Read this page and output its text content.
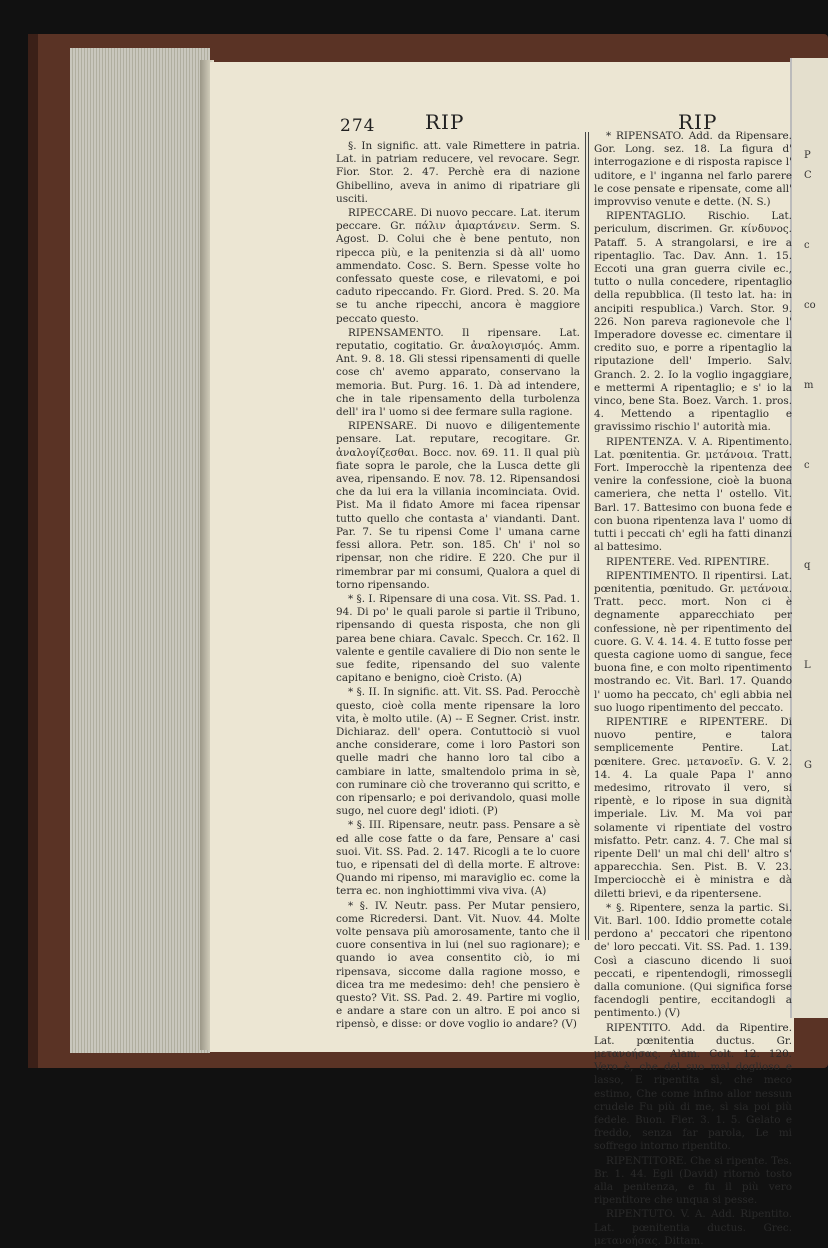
P
C
c
co
m
c
q
L
G
274 RIP	RIP

§. In signific. att. vale Rimettere in patria. Lat. in patriam reducere, vel revocare. Segr. Fior. Stor. 2. 47. Perchè era di nazione Ghibellino, aveva in animo di ripatriare gli usciti.

RIPECCARE. Di nuovo peccare. Lat. iterum peccare. Gr. πάλιν ἁμαρτάνειν. Serm. S. Agost. D. Colui che è bene pentuto, non ripecca più, e la penitenzia si dà all' uomo ammendato. Cosc. S. Bern. Spesse volte ho confessato queste cose, e rilevatomi, e poi caduto ripeccando. Fr. Giord. Pred. S. 20. Ma se tu anche ripecchi, ancora è maggiore peccato questo.

RIPENSAMENTO. Il ripensare. Lat. reputatio, cogitatio. Gr. ἀναλογισμός. Amm. Ant. 9. 8. 18. Gli stessi ripensamenti di quelle cose ch' avemo apparato, conservano la memoria. But. Purg. 16. 1. Dà ad intendere, che in tale ripensamento della turbolenza dell' ira l' uomo si dee fermare sulla ragione.

RIPENSARE. Di nuovo e diligentemente pensare. Lat. reputare, recogitare. Gr. ἀναλογίζεσθαι. Bocc. nov. 69. 11. Il qual più fiate sopra le parole, che la Lusca dette gli avea, ripensando. E nov. 78. 12. Ripensandosi che da lui era la villania incominciata. Ovid. Pist. Ma il fidato Amore mi facea ripensar tutto quello che contasta a' viandanti. Dant. Par. 7. Se tu ripensi Come l' umana carne fessi allora. Petr. son. 185. Ch' i' nol so ripensar, non che ridire. E 220. Che pur il rimembrar par mi consumi, Qualora a quel di torno ripensando.

* §. I. Ripensare di una cosa. Vit. SS. Pad. 1. 94. Di po' le quali parole si partie il Tribuno, ripensando di questa risposta, che non gli parea bene chiara. Cavalc. Specch. Cr. 162. Il valente e gentile cavaliere di Dio non sente le sue fedite, ripensando del suo valente capitano e benigno, cioè Cristo. (A)

* §. II. In signific. att. Vit. SS. Pad. Perocchè questo, cioè colla mente ripensare la loro vita, è molto utile. (A) -- E Segner. Crist. instr. Dichiaraz. dell' opera. Contuttociò si vuol anche considerare, come i loro Pastori son quelle madri che hanno loro tal cibo a cambiare in latte, smaltendolo prima in sè, con ruminare ciò che troveranno qui scritto, e con ripensarlo; e poi derivandolo, quasi molle sugo, nel cuore degl' idioti. (P)

* §. III. Ripensare, neutr. pass. Pensare a sè ed alle cose fatte o da fare, Pensare a' casi suoi. Vit. SS. Pad. 2. 147. Ricogli a te lo cuore tuo, e ripensati del dì della morte. E altrove: Quando mi ripenso, mi maraviglio ec. come la terra ec. non inghiottimmi viva viva. (A)

* §. IV. Neutr. pass. Per Mutar pensiero, come Ricredersi. Dant. Vit. Nuov. 44. Molte volte pensava più amorosamente, tanto che il cuore consentiva in lui (nel suo ragionare); e quando io avea consentito ciò, io mi ripensava, siccome dalla ragione mosso, e dicea tra me medesimo: deh! che pensiero è questo? Vit. SS. Pad. 2. 49. Partire mi voglio, e andare a stare con un altro. E poi anco si ripensò, e disse: or dove voglio io andare? (V)

* RIPENSATO. Add. da Ripensare. Gor. Long. sez. 18. La figura d' interrogazione e di risposta rapisce l' uditore, e l' inganna nel farlo parere le cose pensate e ripensate, come all' improvviso venute e dette. (N. S.)

RIPENTAGLIO. Rischio. Lat. periculum, discrimen. Gr. κίνδυνος. Pataff. 5. A strangolarsi, e ire a ripentaglio. Tac. Dav. Ann. 1. 15. Eccoti una gran guerra civile ec., tutto o nulla concedere, ripentaglio della repubblica. (Il testo lat. ha: in ancipiti respublica.) Varch. Stor. 9. 226. Non pareva ragionevole che l' Imperadore dovesse ec. cimentare il credito suo, e porre a ripentaglio la riputazione dell' Imperio. Salv. Granch. 2. 2. Io la voglio ingaggiare, e mettermi A ripentaglio; e s' io la vinco, bene Sta. Boez. Varch. 1. pros. 4. Mettendo a ripentaglio e gravissimo rischio l' autorità mia.

RIPENTENZA. V. A. Ripentimento. Lat. pœnitentia. Gr. μετάνοια. Tratt. Fort. Imperocchè la ripentenza dee venire la confessione, cioè la buona cameriera, che netta l' ostello. Vit. Barl. 17. Battesimo con buona fede e con buona ripentenza lava l' uomo di tutti i peccati ch' egli ha fatti dinanzi al battesimo.

RIPENTERE. Ved. RIPENTIRE.

RIPENTIMENTO. Il ripentirsi. Lat. pœnitentia, pœnitudo. Gr. μετάνοια. Tratt. pecc. mort. Non ci è degnamente apparecchiato per confessione, nè per ripentimento del cuore. G. V. 4. 14. 4. E tutto fosse per questa cagione uomo di sangue, fece buona fine, e con molto ripentimento mostrando ec. Vit. Barl. 17. Quando l' uomo ha peccato, ch' egli abbia nel suo luogo ripentimento del peccato.

RIPENTIRE e RIPENTERE. Di nuovo pentire, e talora semplicemente Pentire. Lat. pœnitere. Grec. μετανοεῖν. G. V. 2. 14. 4. La quale Papa l' anno medesimo, ritrovato il vero, si ripentè, e lo ripose in sua dignità imperiale. Liv. M. Ma voi par solamente vi ripentiate del vostro misfatto. Petr. canz. 4. 7. Che mal si ripente Dell' un mal chi dell' altro s' apparecchia. Sen. Pist. B. V. 23. Imperciocchè ei è ministra e dà diletti brievi, e da ripentersene.

* §. Ripentere, senza la partic. Si. Vit. Barl. 100. Iddio promette cotale perdono a' peccatori che ripentono de' loro peccati. Vit. SS. Pad. 1. 139. Così a ciascuno dicendo li suoi peccati, e ripentendogli, rimossegli dalla comunione. (Qui significa forse facendogli pentire, eccitandogli a pentimento.) (V)

RIPENTITO. Add. da Ripentire. Lat. pœnitentia ductus. Gr. μετανοήσας. Alam. Colt. 12. 120. Vero è, che del suo mal doglioso e lasso, E ripentita sì, che meco estimo, Che come infino allor nessun crudele Fu più di me, sì sia poi più fedele. Buon. Fier. 3. 1. 5. Gelato e freddo, senza far parola, Le mi soffrego intorno ripentito.

RIPENTITORE. Che si ripente. Tes. Br. 1. 44. Egli (David) ritornò tosto alla penitenza, e fu il più vero ripentitore che unqua si pesse.

RIPENTUTO. V. A. Add. Ripentito. Lat. pœnitentia ductus. Grec. μετανοήσας. Dittam.
